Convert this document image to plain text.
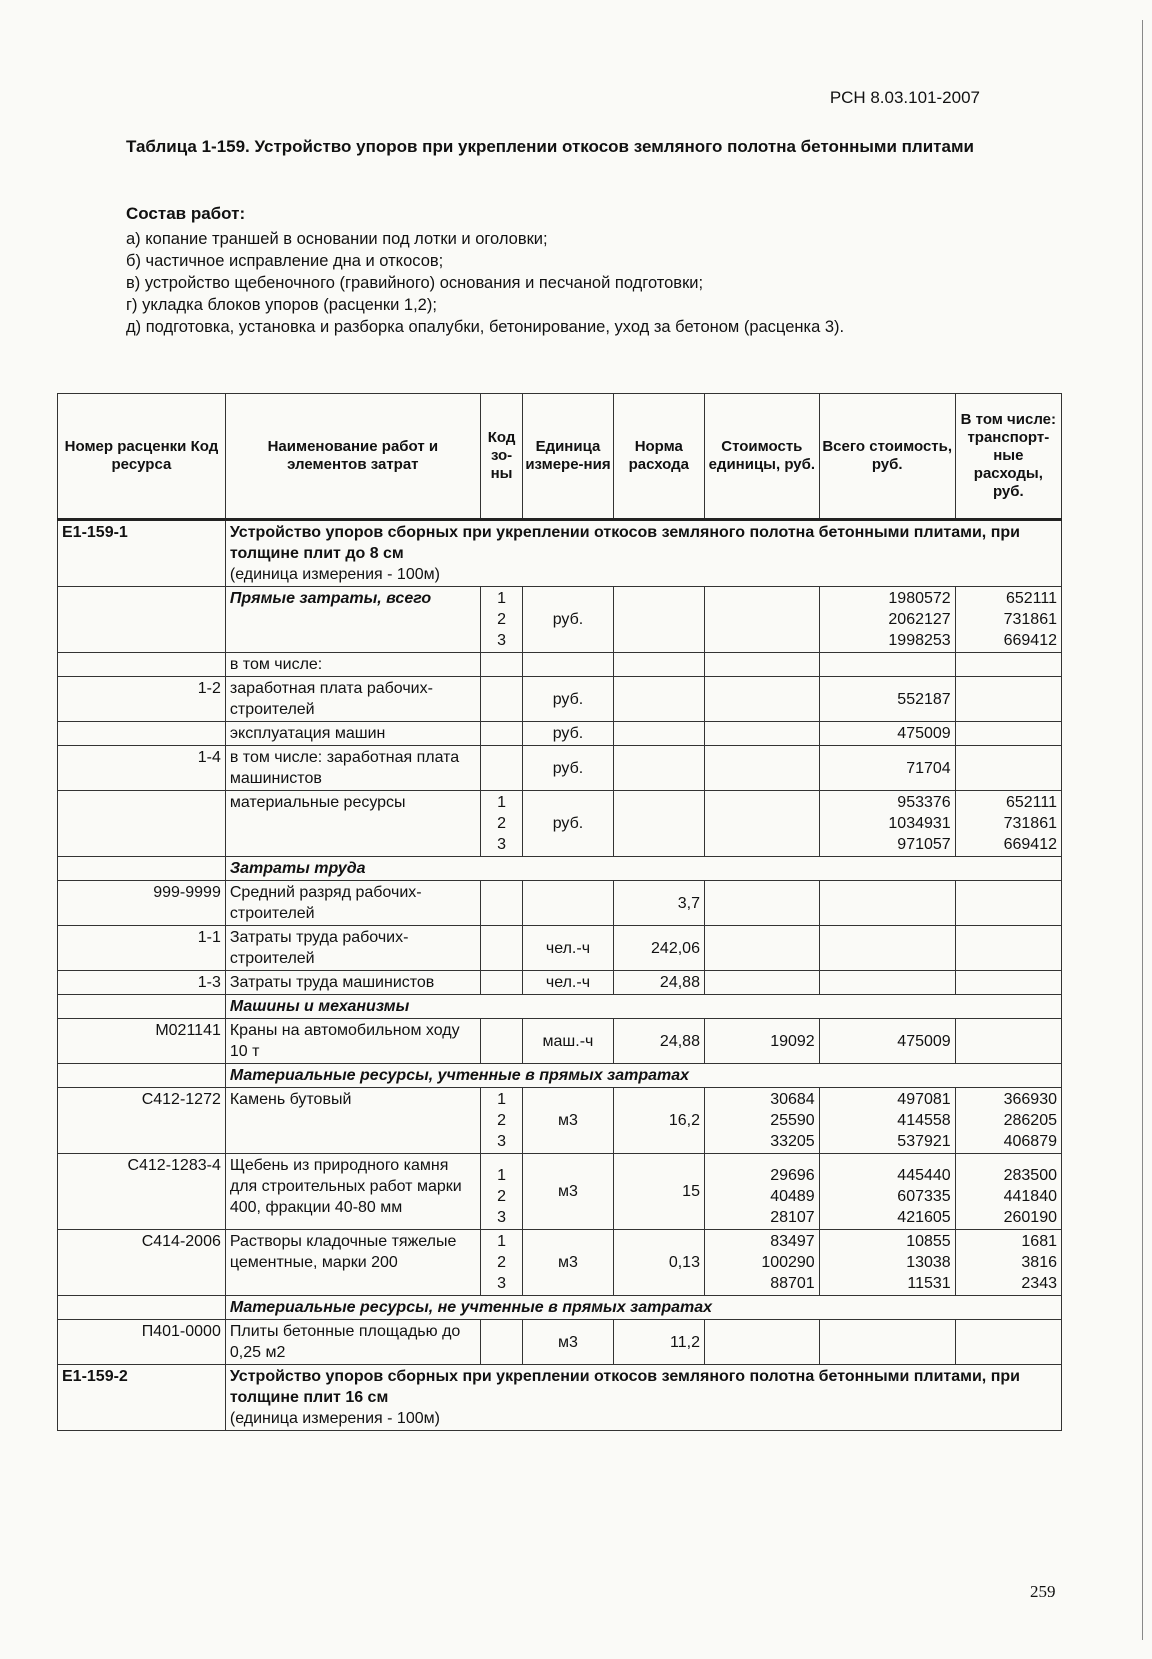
РСН 8.03.101-2007
Таблица 1-159. Устройство упоров при укреплении откосов земляного полотна бетонными плитами
Состав работ:
а) копание траншей в основании под лотки и оголовки;
б) частичное исправление дна и откосов;
в) устройство щебеночного (гравийного) основания и песчаной подготовки;
г) укладка блоков упоров (расценки 1,2);
д) подготовка, установка и разборка опалубки, бетонирование, уход за бетоном (расценка 3).
Номер расценки Код ресурса	Наименование работ и элементов затрат	Код зо-ны	Единица измере-ния	Норма расхода	Стоимость единицы, руб.	Всего стоимость, руб.	В том числе: транспорт-ные расходы, руб.
Е1-159-1	Устройство упоров сборных при укреплении откосов земляного полотна бетонными плитами, при толщине плит до 8 см
(единица измерения - 100м)						

	Прямые затраты, всего	1
2
3	руб.			1980572
2062127
1998253	652111
731861
669412
	в том числе:						
1-2	заработная плата рабочих-строителей		руб.			552187	
	эксплуатация машин		руб.			475009	
1-4	в том числе: заработная плата машинистов		руб.			71704	
	материальные ресурсы	1
2
3	руб.			953376
1034931
971057	652111
731861
669412
	Затраты труда						
999-9999	Средний разряд рабочих-строителей			3,7			
1-1	Затраты труда рабочих-строителей		чел.-ч	242,06			
1-3	Затраты труда машинистов		чел.-ч	24,88			
	Машины и механизмы						
М021141	Краны на автомобильном ходу 10 т		маш.-ч	24,88	19092	475009	
	Материальные ресурсы, учтенные в прямых затратах						
С412-1272	Камень бутовый	1
2
3	м3	16,2	30684
25590
33205	497081
414558
537921	366930
286205
406879
С412-1283-4	Щебень из природного камня для строительных работ марки 400, фракции 40-80 мм	1
2
3	м3	15	29696
40489
28107	445440
607335
421605	283500
441840
260190
С414-2006	Растворы кладочные тяжелые цементные, марки 200	1
2
3	м3	0,13	83497
100290
88701	10855
13038
11531	1681
3816
2343
	Материальные ресурсы, не учтенные в прямых затратах						
П401-0000	Плиты бетонные площадью до 0,25 м2		м3	11,2			
Е1-159-2	Устройство упоров сборных при укреплении откосов земляного полотна бетонными плитами, при толщине плит 16 см
(единица измерения - 100м)						
259
